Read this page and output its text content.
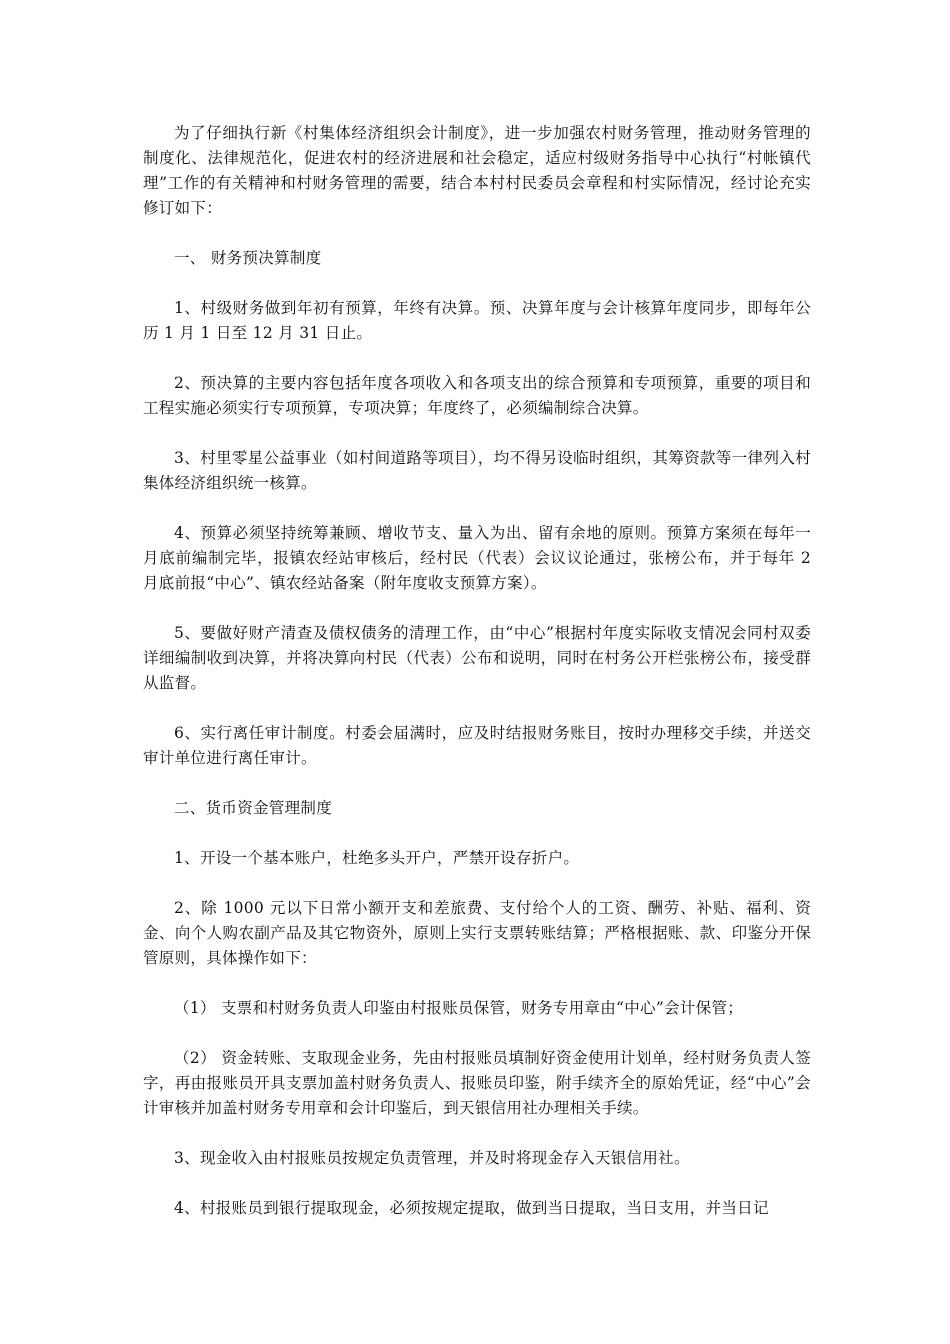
为了仔细执行新《村集体经济组织会计制度》，进一步加强农村财务管理，推动财务管理的制度化、法律规范化，促进农村的经济进展和社会稳定，适应村级财务指导中心执行“村帐镇代理”工作的有关精神和村财务管理的需要，结合本村村民委员会章程和村实际情况，经讨论充实修订如下：

一、 财务预决算制度

1、村级财务做到年初有预算，年终有决算。预、决算年度与会计核算年度同步，即每年公历 1 月 1 日至 12 月 31 日止。

2、预决算的主要内容包括年度各项收入和各项支出的综合预算和专项预算，重要的项目和工程实施必须实行专项预算，专项决算；年度终了，必须编制综合决算。

3、村里零星公益事业（如村间道路等项目），均不得另设临时组织，其筹资款等一律列入村集体经济组织统一核算。

4、预算必须坚持统筹兼顾、增收节支、量入为出、留有余地的原则。预算方案须在每年一月底前编制完毕，报镇农经站审核后，经村民（代表）会议议论通过，张榜公布，并于每年 2 月底前报“中心”、镇农经站备案（附年度收支预算方案）。

5、要做好财产清查及债权债务的清理工作，由“中心”根据村年度实际收支情况会同村双委详细编制收到决算，并将决算向村民（代表）公布和说明，同时在村务公开栏张榜公布，接受群从监督。

6、实行离任审计制度。村委会届满时，应及时结报财务账目，按时办理移交手续，并送交审计单位进行离任审计。

二、货币资金管理制度

1、开设一个基本账户，杜绝多头开户，严禁开设存折户。

2、除 1000 元以下日常小额开支和差旅费、支付给个人的工资、酬劳、补贴、福利、资金、向个人购农副产品及其它物资外，原则上实行支票转账结算；严格根据账、款、印鉴分开保管原则，具体操作如下：

（1） 支票和村财务负责人印鉴由村报账员保管，财务专用章由“中心”会计保管；

（2） 资金转账、支取现金业务，先由村报账员填制好资金使用计划单，经村财务负责人签字，再由报账员开具支票加盖村财务负责人、报账员印鉴，附手续齐全的原始凭证，经“中心”会计审核并加盖村财务专用章和会计印鉴后，到天银信用社办理相关手续。

3、现金收入由村报账员按规定负责管理，并及时将现金存入天银信用社。

4、村报账员到银行提取现金，必须按规定提取，做到当日提取，当日支用，并当日记
